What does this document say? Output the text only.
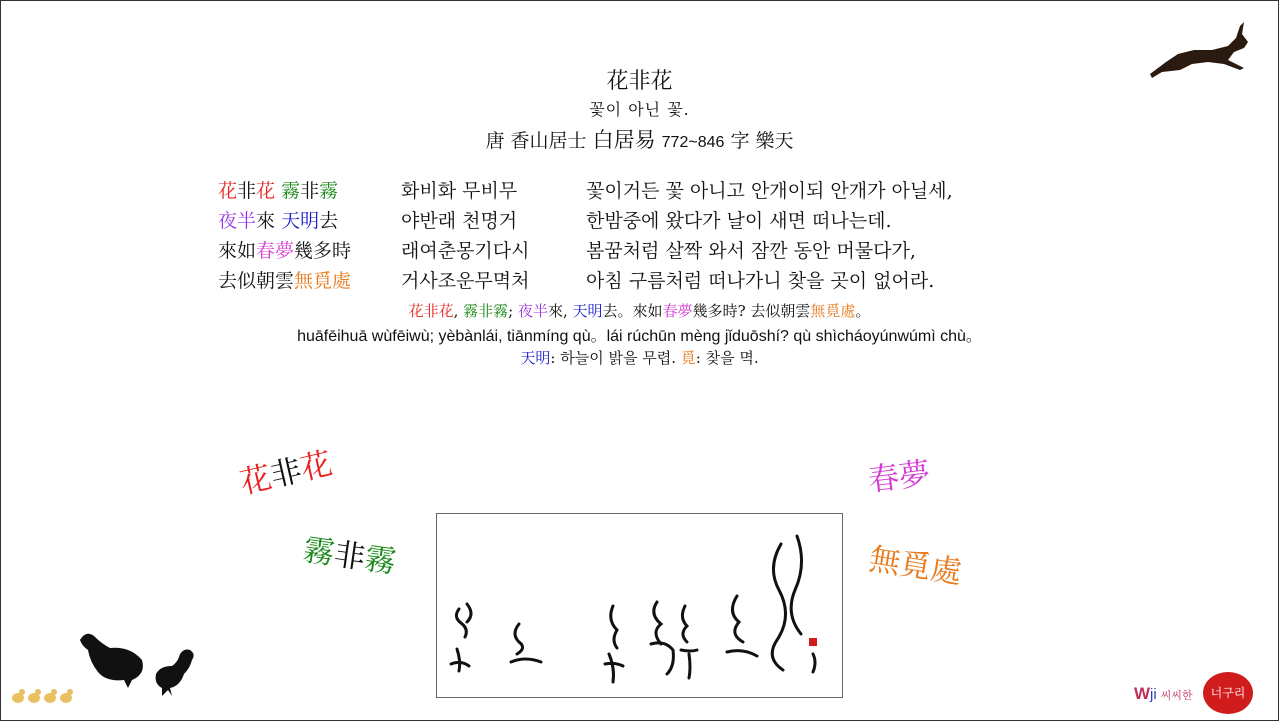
花非花
꽃이 아닌 꽃.
唐 香山居士 白居易 772~846 字 樂天
花非花 霧非霧	화비화 무비무	꽃이거든 꽃 아니고 안개이되 안개가 아닐세,
夜半來 天明去	야반래 천명거	한밤중에 왔다가 날이 새면 떠나는데.
來如春夢幾多時	래여춘몽기다시	봄꿈처럼 살짝 와서 잠깐 동안 머물다가,
去似朝雲無覓處	거사조운무멱처	아침 구름처럼 떠나가니 찾을 곳이 없어라.
花非花, 霧非霧; 夜半來, 天明去。來如春夢幾多時? 去似朝雲無覓處。
huāfēihuā wùfēiwù; yèbànlái, tiānmíng qù。lái rúchūn mèng jǐduōshí? qù shìcháoyúnwúmì chù。
天明: 하늘이 밝을 무렵. 覓: 찾을 멱.
花非花
霧非霧
春夢
無覓處
Wji 씨씨한	너구리
